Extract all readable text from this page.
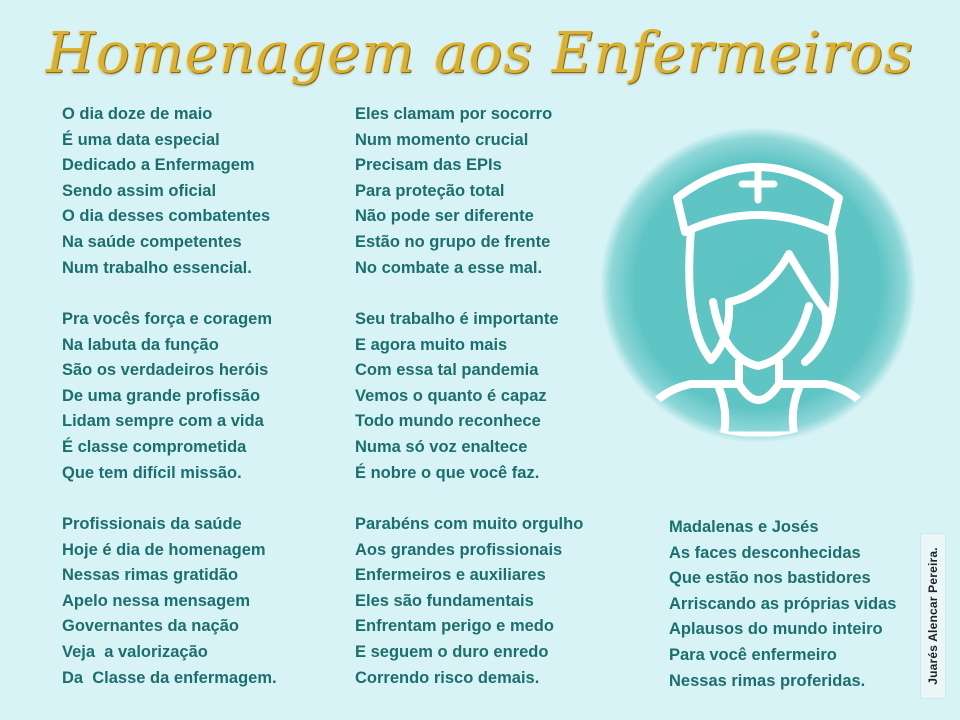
Homenagem aos Enfermeiros
O dia doze de maio
É uma data especial
Dedicado a Enfermagem
Sendo assim oficial
O dia desses combatentes
Na saúde competentes
Num trabalho essencial.
Pra vocês força e coragem
Na labuta da função
São os verdadeiros heróis
De uma grande profissão
Lidam sempre com a vida
É classe comprometida
Que tem difícil missão.
Profissionais da saúde
Hoje é dia de homenagem
Nessas rimas gratidão
Apelo nessa mensagem
Governantes da nação
Veja  a valorização
Da  Classe da enfermagem.
Eles clamam por socorro
Num momento crucial
Precisam das EPIs
Para proteção total
Não pode ser diferente
Estão no grupo de frente
No combate a esse mal.
Seu trabalho é importante
E agora muito mais
Com essa tal pandemia
Vemos o quanto é capaz
Todo mundo reconhece
Numa só voz enaltece
É nobre o que você faz.
Parabéns com muito orgulho
Aos grandes profissionais
Enfermeiros e auxiliares
Eles são fundamentais
Enfrentam perigo e medo
E seguem o duro enredo
Correndo risco demais.
Madalenas e Josés
As faces desconhecidas
Que estão nos bastidores
Arriscando as próprias vidas
Aplausos do mundo inteiro
Para você enfermeiro
Nessas rimas proferidas.	Juarés Alencar Pereira.
